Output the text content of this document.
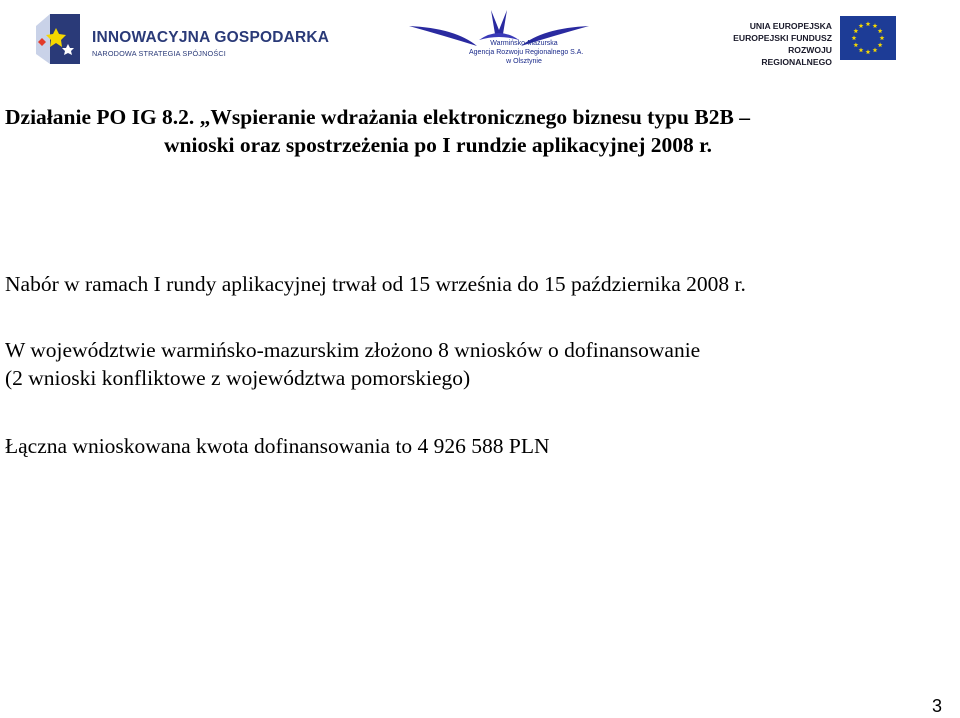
INNOWACYJNA GOSPODARKA
NARODOWA STRATEGIA SPÓJNOŚCI
Warmińsko-Mazurska
Agencja Rozwoju Regionalnego S.A.
w Olsztynie
UNIA EUROPEJSKA
EUROPEJSKI FUNDUSZ
ROZWOJU REGIONALNEGO
Działanie PO IG 8.2. „Wspieranie wdrażania elektronicznego biznesu typu B2B –
wnioski oraz spostrzeżenia po I rundzie aplikacyjnej 2008 r.
Nabór w ramach I rundy aplikacyjnej trwał od 15 września do 15 października 2008 r.
W województwie warmińsko-mazurskim złożono 8 wniosków o dofinansowanie
(2 wnioski konfliktowe z województwa pomorskiego)
Łączna wnioskowana kwota dofinansowania to 4 926 588 PLN
3
